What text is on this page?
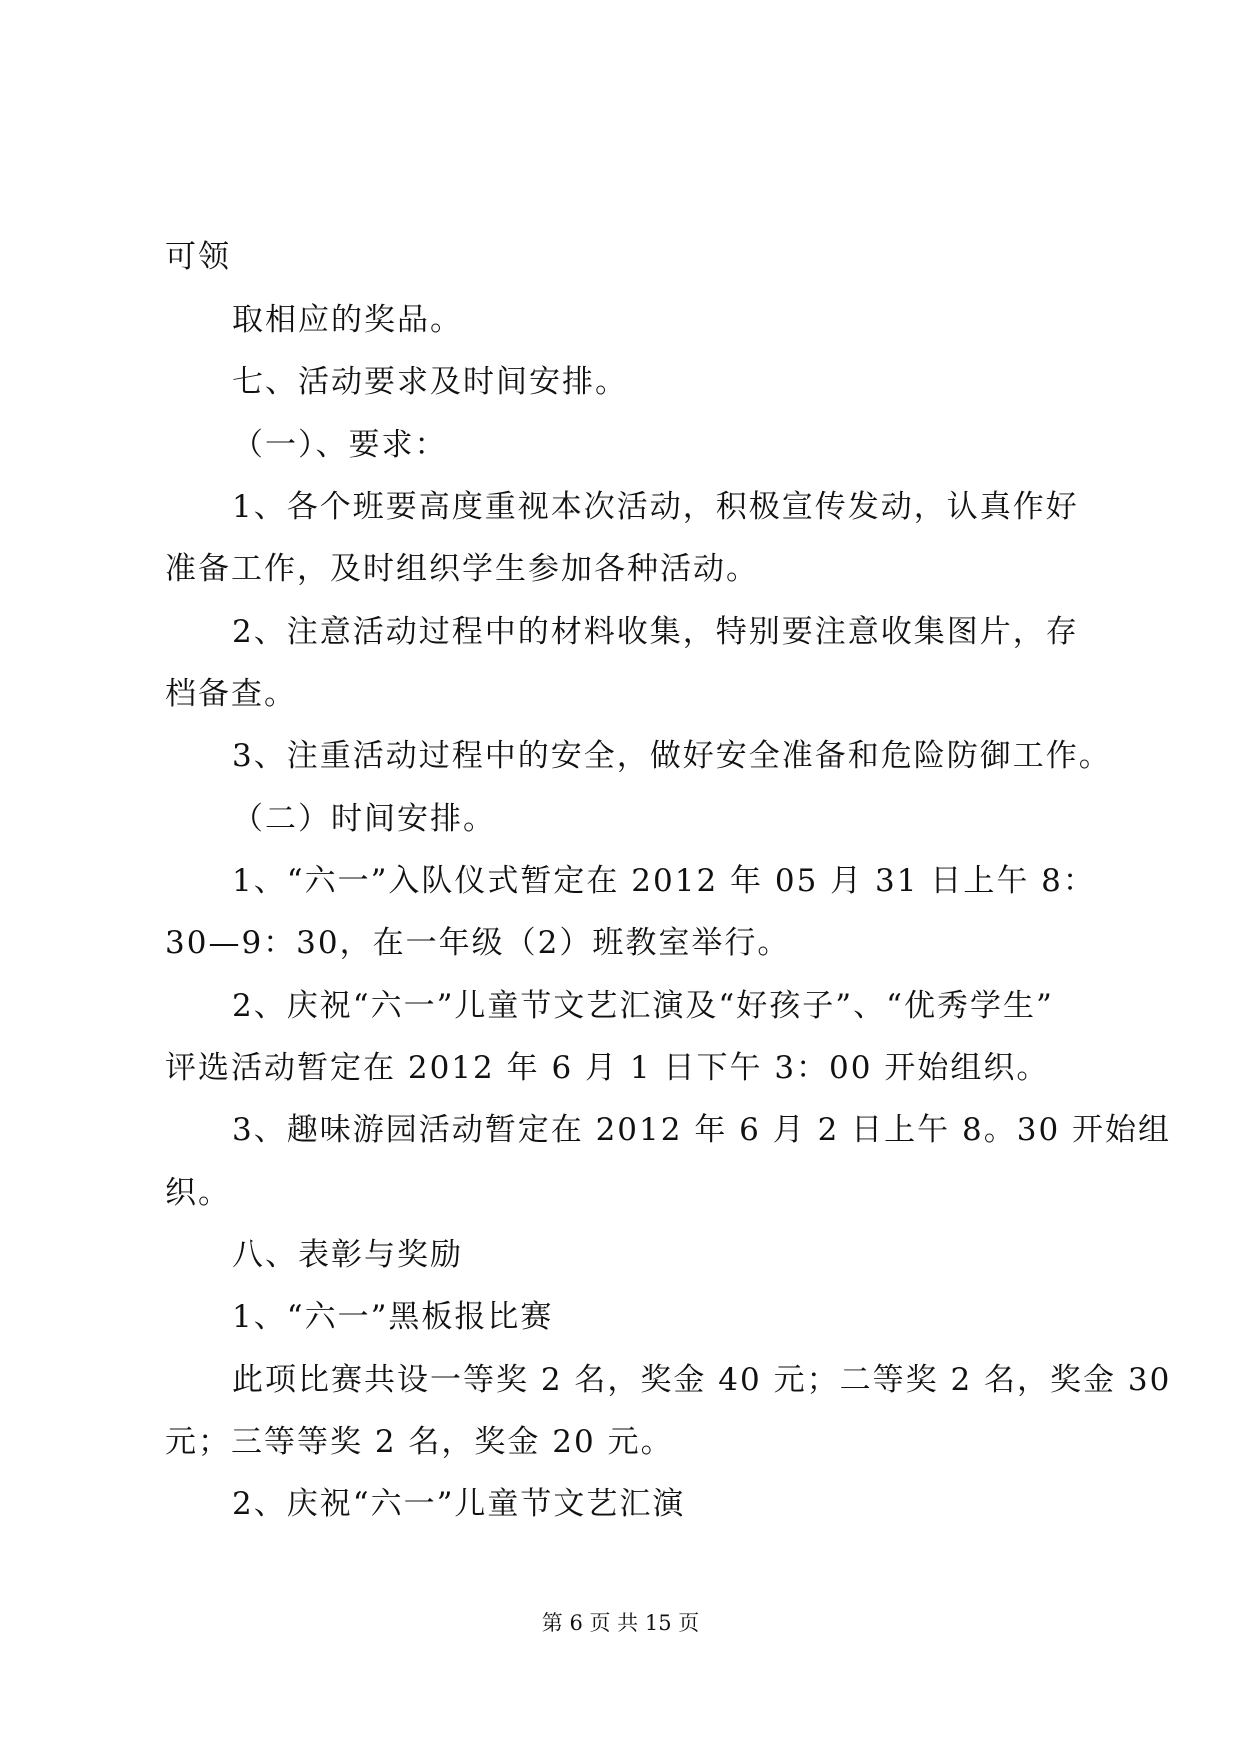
可领

取相应的奖品。

七、活动要求及时间安排。

（一）、要求：

1、各个班要高度重视本次活动，积极宣传发动，认真作好

准备工作，及时组织学生参加各种活动。

2、注意活动过程中的材料收集，特别要注意收集图片，存

档备查。

3、注重活动过程中的安全，做好安全准备和危险防御工作。

（二）时间安排。

1、“六一”入队仪式暂定在 2012 年 05 月 31 日上午 8：

30—9：30，在一年级（2）班教室举行。

2、庆祝“六一”儿童节文艺汇演及“好孩子”、“优秀学生”

评选活动暂定在 2012 年 6 月 1 日下午 3：00 开始组织。

3、趣味游园活动暂定在 2012 年 6 月 2 日上午 8。30 开始组

织。

八、表彰与奖励

1、“六一”黑板报比赛

此项比赛共设一等奖 2 名，奖金 40 元；二等奖 2 名，奖金 30

元；三等等奖 2 名，奖金 20 元。

2、庆祝“六一”儿童节文艺汇演

第 6 页 共 15 页
